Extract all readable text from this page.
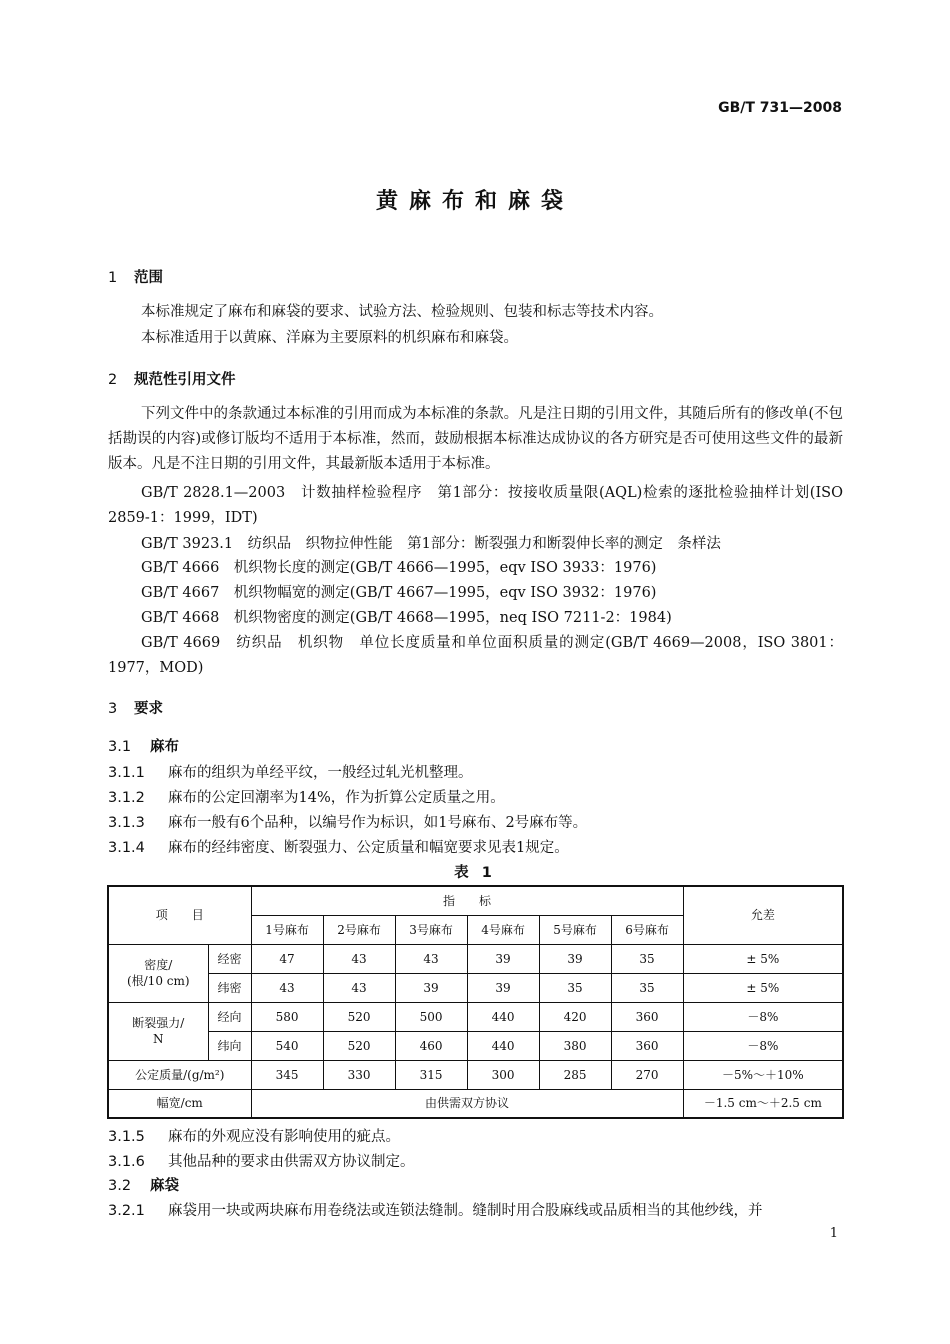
GB/T 731—2008
黄麻布和麻袋
1 范围
本标准规定了麻布和麻袋的要求、试验方法、检验规则、包装和标志等技术内容。
本标准适用于以黄麻、洋麻为主要原料的机织麻布和麻袋。
2 规范性引用文件
下列文件中的条款通过本标准的引用而成为本标准的条款。凡是注日期的引用文件，其随后所有的修改单(不包括勘误的内容)或修订版均不适用于本标准，然而，鼓励根据本标准达成协议的各方研究是否可使用这些文件的最新版本。凡是不注日期的引用文件，其最新版本适用于本标准。
GB/T 2828.1—2003　计数抽样检验程序　第1部分：按接收质量限(AQL)检索的逐批检验抽样计划(ISO 2859-1：1999，IDT)
GB/T 3923.1　纺织品　织物拉伸性能　第1部分：断裂强力和断裂伸长率的测定　条样法
GB/T 4666　机织物长度的测定(GB/T 4666—1995，eqv ISO 3933：1976)
GB/T 4667　机织物幅宽的测定(GB/T 4667—1995，eqv ISO 3932：1976)
GB/T 4668　机织物密度的测定(GB/T 4668—1995，neq ISO 7211-2：1984)
GB/T 4669　纺织品　机织物　单位长度质量和单位面积质量的测定(GB/T 4669—2008，ISO 3801：1977，MOD)
3 要求
3.1 麻布
3.1.1 麻布的组织为单经平纹，一般经过轧光机整理。
3.1.2 麻布的公定回潮率为14%，作为折算公定质量之用。
3.1.3 麻布一般有6个品种，以编号作为标识，如1号麻布、2号麻布等。
3.1.4 麻布的经纬密度、断裂强力、公定质量和幅宽要求见表1规定。
表 1
项　　目		指　　标						允差
		1号麻布	2号麻布	3号麻布	4号麻布	5号麻布	6号麻布	
密度/
(根/10 cm)	经密	47	43	43	39	39	35	± 5%
	纬密	43	43	39	39	35	35	± 5%
断裂强力/
N	经向	580	520	500	440	420	360	－8%
	纬向	540	520	460	440	380	360	－8%
公定质量/(g/m²)		345	330	315	300	285	270	－5%～＋10%
幅宽/cm		由供需双方协议						－1.5 cm～＋2.5 cm
3.1.5 麻布的外观应没有影响使用的疵点。
3.1.6 其他品种的要求由供需双方协议制定。
3.2 麻袋
3.2.1 麻袋用一块或两块麻布用卷绕法或连锁法缝制。缝制时用合股麻线或品质相当的其他纱线，并
1
